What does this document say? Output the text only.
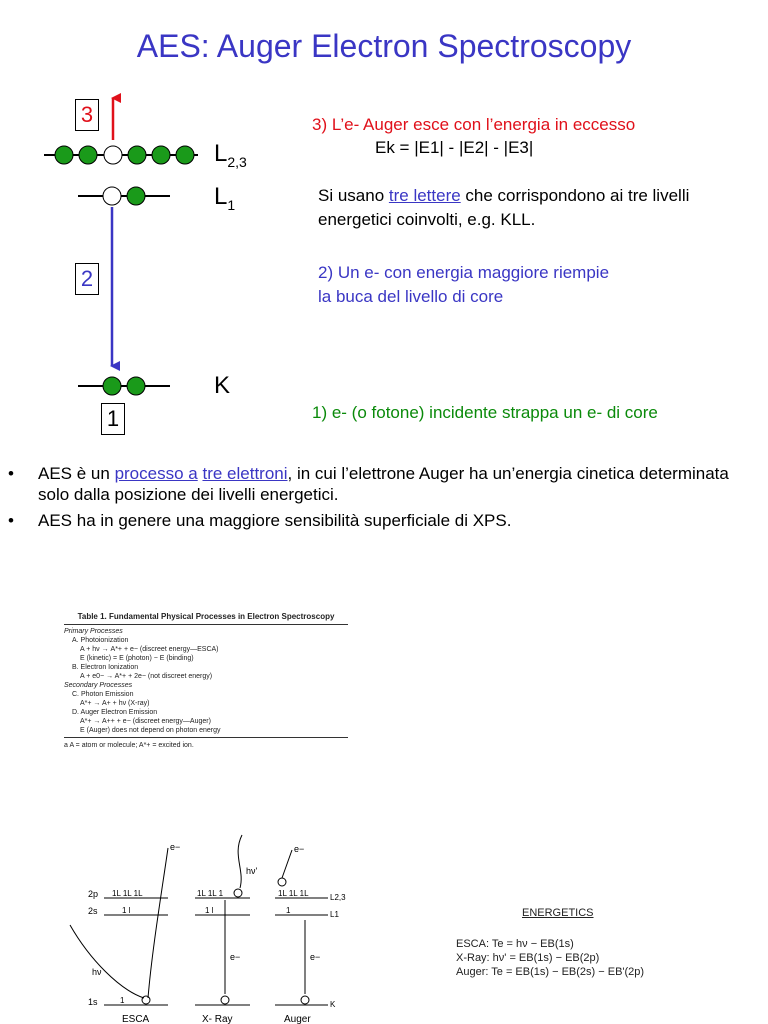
AES: Auger Electron Spectroscopy
3
2
1
$L_{2,3}$
$L_1$
K
3) L’e- Auger esce con l’energia in eccesso
Ek = |E1| - |E2| - |E3|
Si usano tre lettere che corrispondono ai tre livelli energetici coinvolti, e.g. KLL.
2) Un e- con energia maggiore riempie
la buca del livello di core
1) e- (o fotone) incidente strappa un e- di core
•	AES è un processo a tre elettroni, in cui l’elettrone Auger ha un’energia cinetica determinata solo dalla posizione dei livelli energetici.
•	AES ha in genere una maggiore sensibilità superficiale di XPS.
Table 1. Fundamental Physical Processes in Electron Spectroscopy
Primary Processes
A. Photoionization
A + hν → A*+ + e− (discreet energy—ESCA)
E (kinetic) = E (photon) − E (binding)
B. Electron Ionization
A + e0− → A*+ + 2e− (not discreet energy)
Secondary Processes
C. Photon Emission
A*+ → A+ + hν (X-ray)
D. Auger Electron Emission
A*+ → A++ + e− (discreet energy—Auger)
E (Auger) does not depend on photon energy
a A = atom or molecule; A*+ = excited ion.
2p
2s
1s
1L 1L 1L
1 l
1
hν
e−
ESCA
1L 1L 1
1 l
hν'
e−
X- Ray
1L 1L 1L
1
e−
e−
L2,3
L1
K
Auger
ENERGETICS
ESCA: Te = hν − EB(1s)
X-Ray: hν' = EB(1s) − EB(2p)
Auger: Te = EB(1s) − EB(2s) − EB'(2p)
